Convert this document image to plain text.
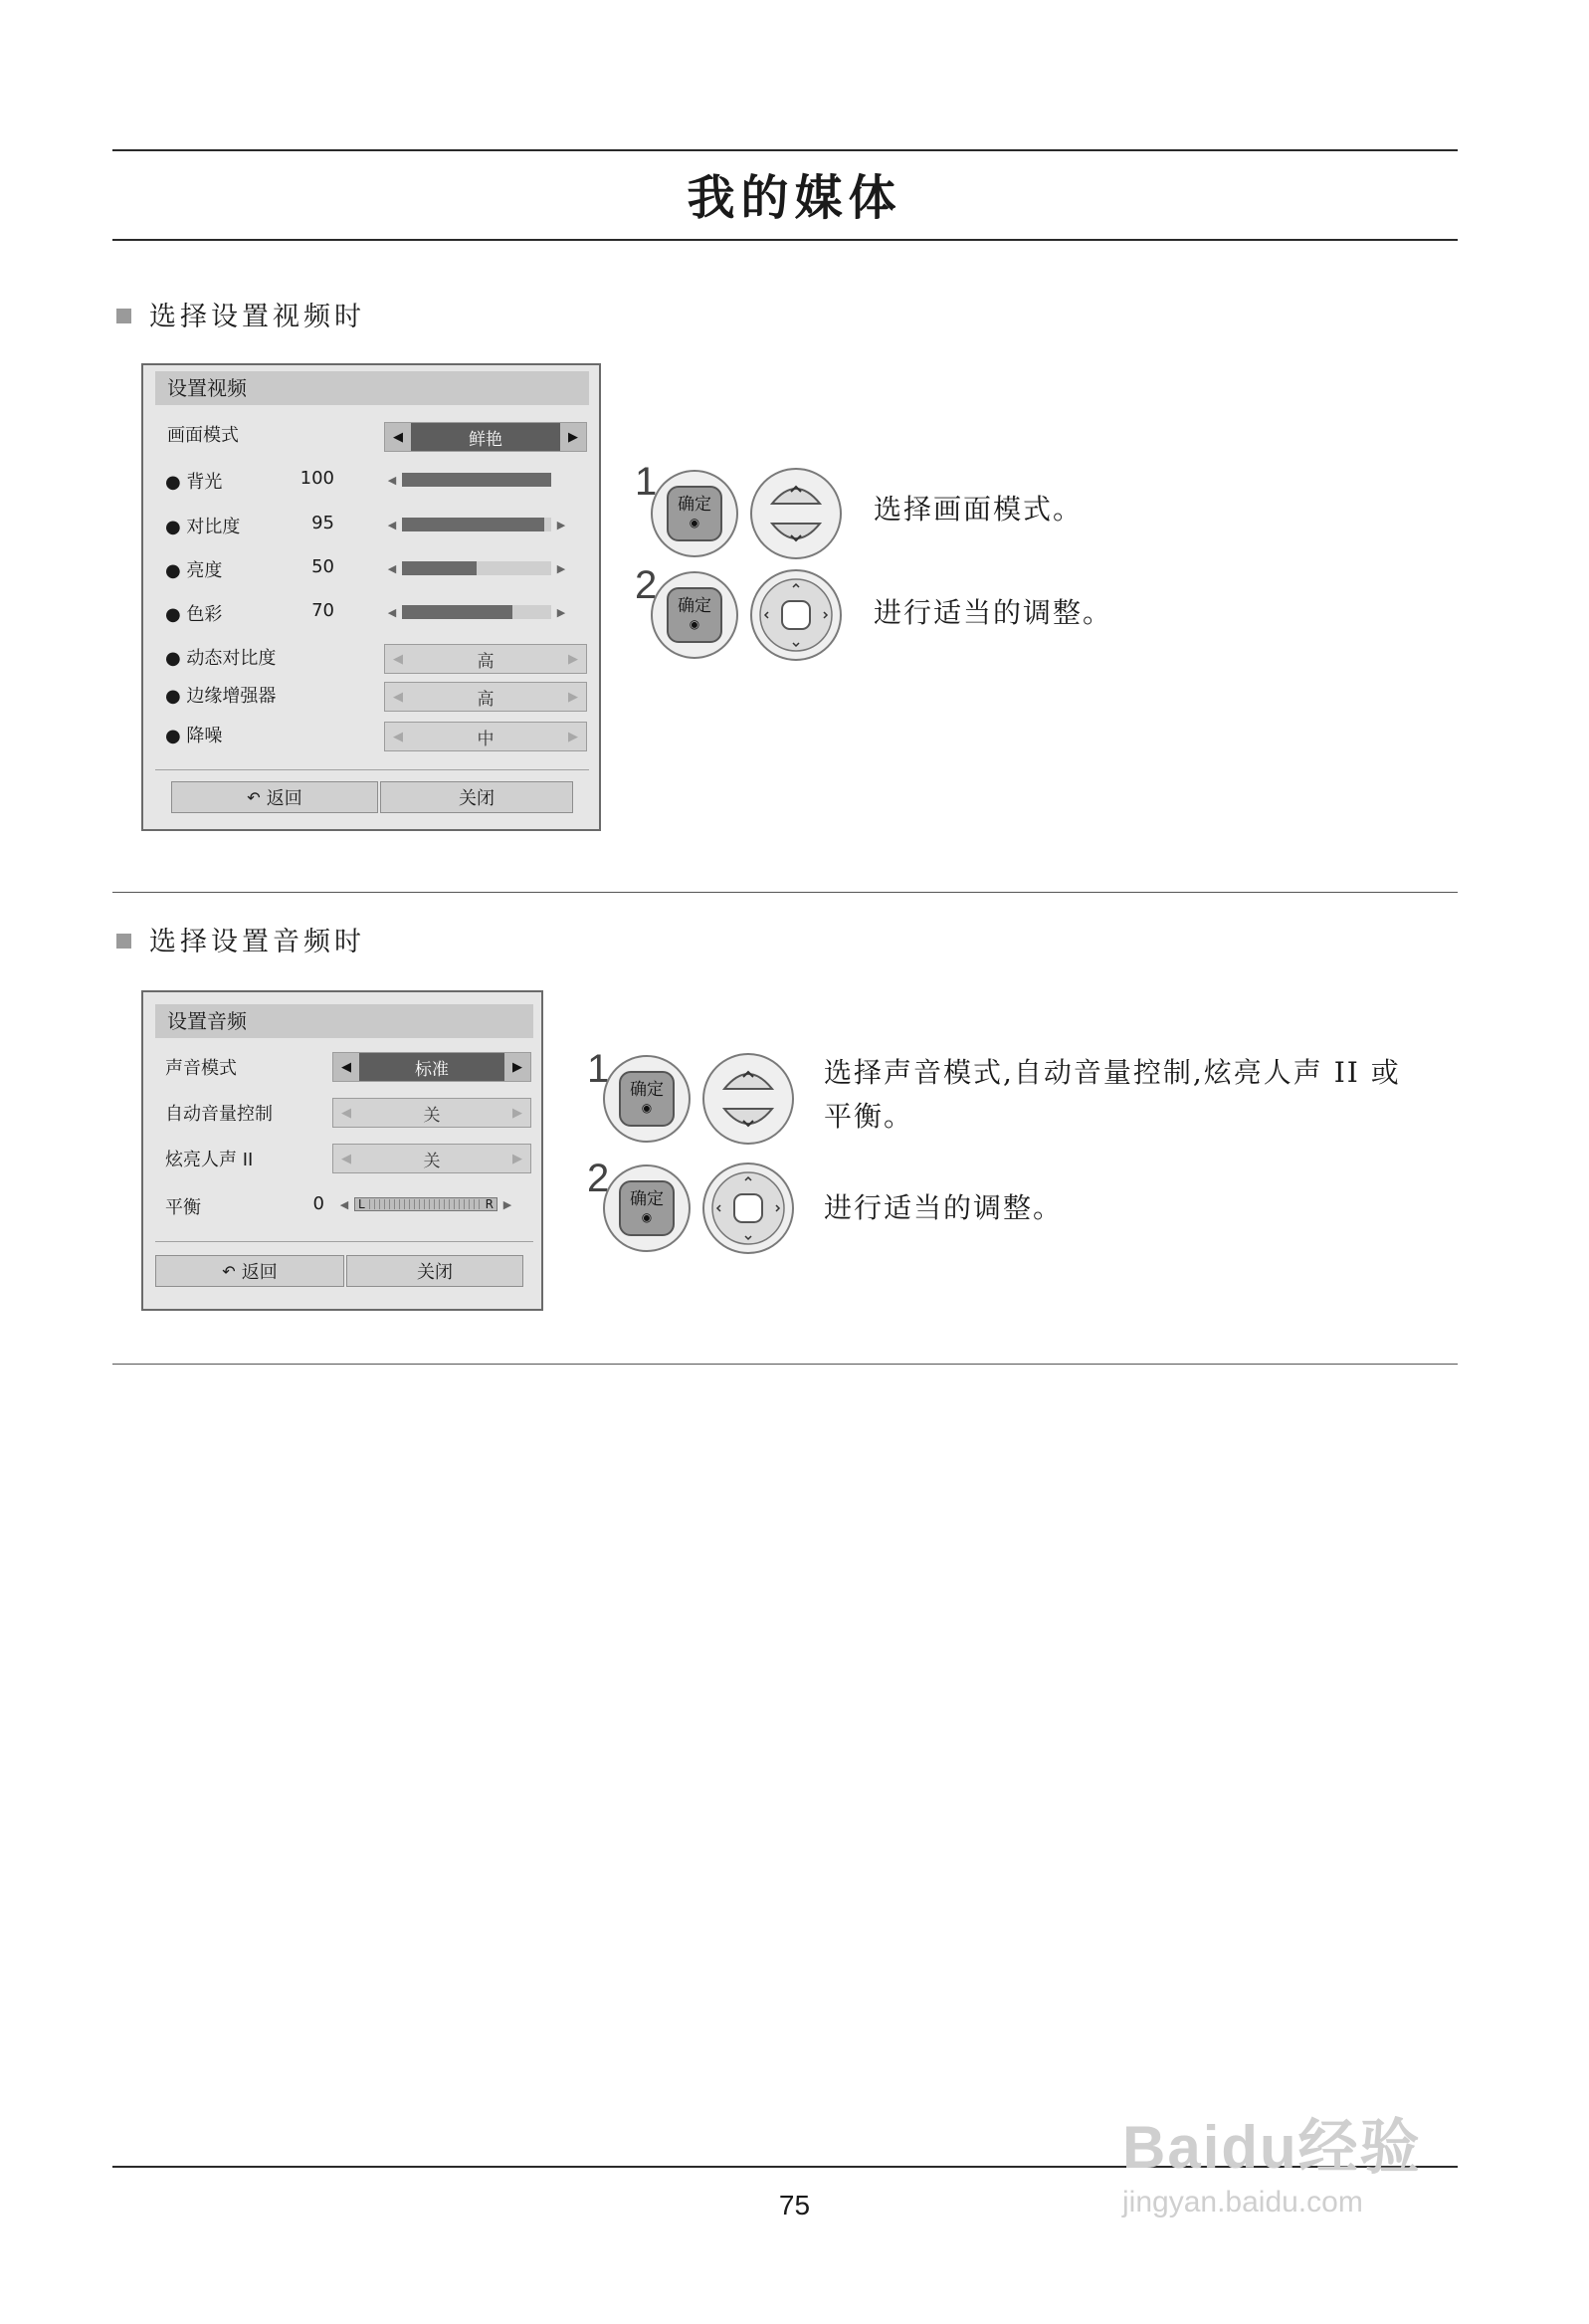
我的媒体
选择设置视频时
设置视频
画面模式	◀	鲜艳	▶
● 背光	100	◀	▶
● 对比度	95	◀	▶
● 亮度	50	◀	▶
● 色彩	70	◀	▶
● 动态对比度	◀	高	▶
● 边缘增强器	◀	高	▶
● 降噪	◀	中	▶
↶ 返回	关闭
1
确定
◉	选择画面模式。
2	确定
◉	进行适当的调整。
选择设置音频时
设置音频
声音模式	◀	标准	▶
自动音量控制	◀	关	▶
炫亮人声 II	◀	关	▶
平衡	0	◀ L	R ▶
↶ 返回	关闭
1	确定
◉
选择声音模式,自动音量控制,炫亮人声 II 或
平衡。
2	确定
◉	进行适当的调整。
75
Baidu经验
jingyan.baidu.com
